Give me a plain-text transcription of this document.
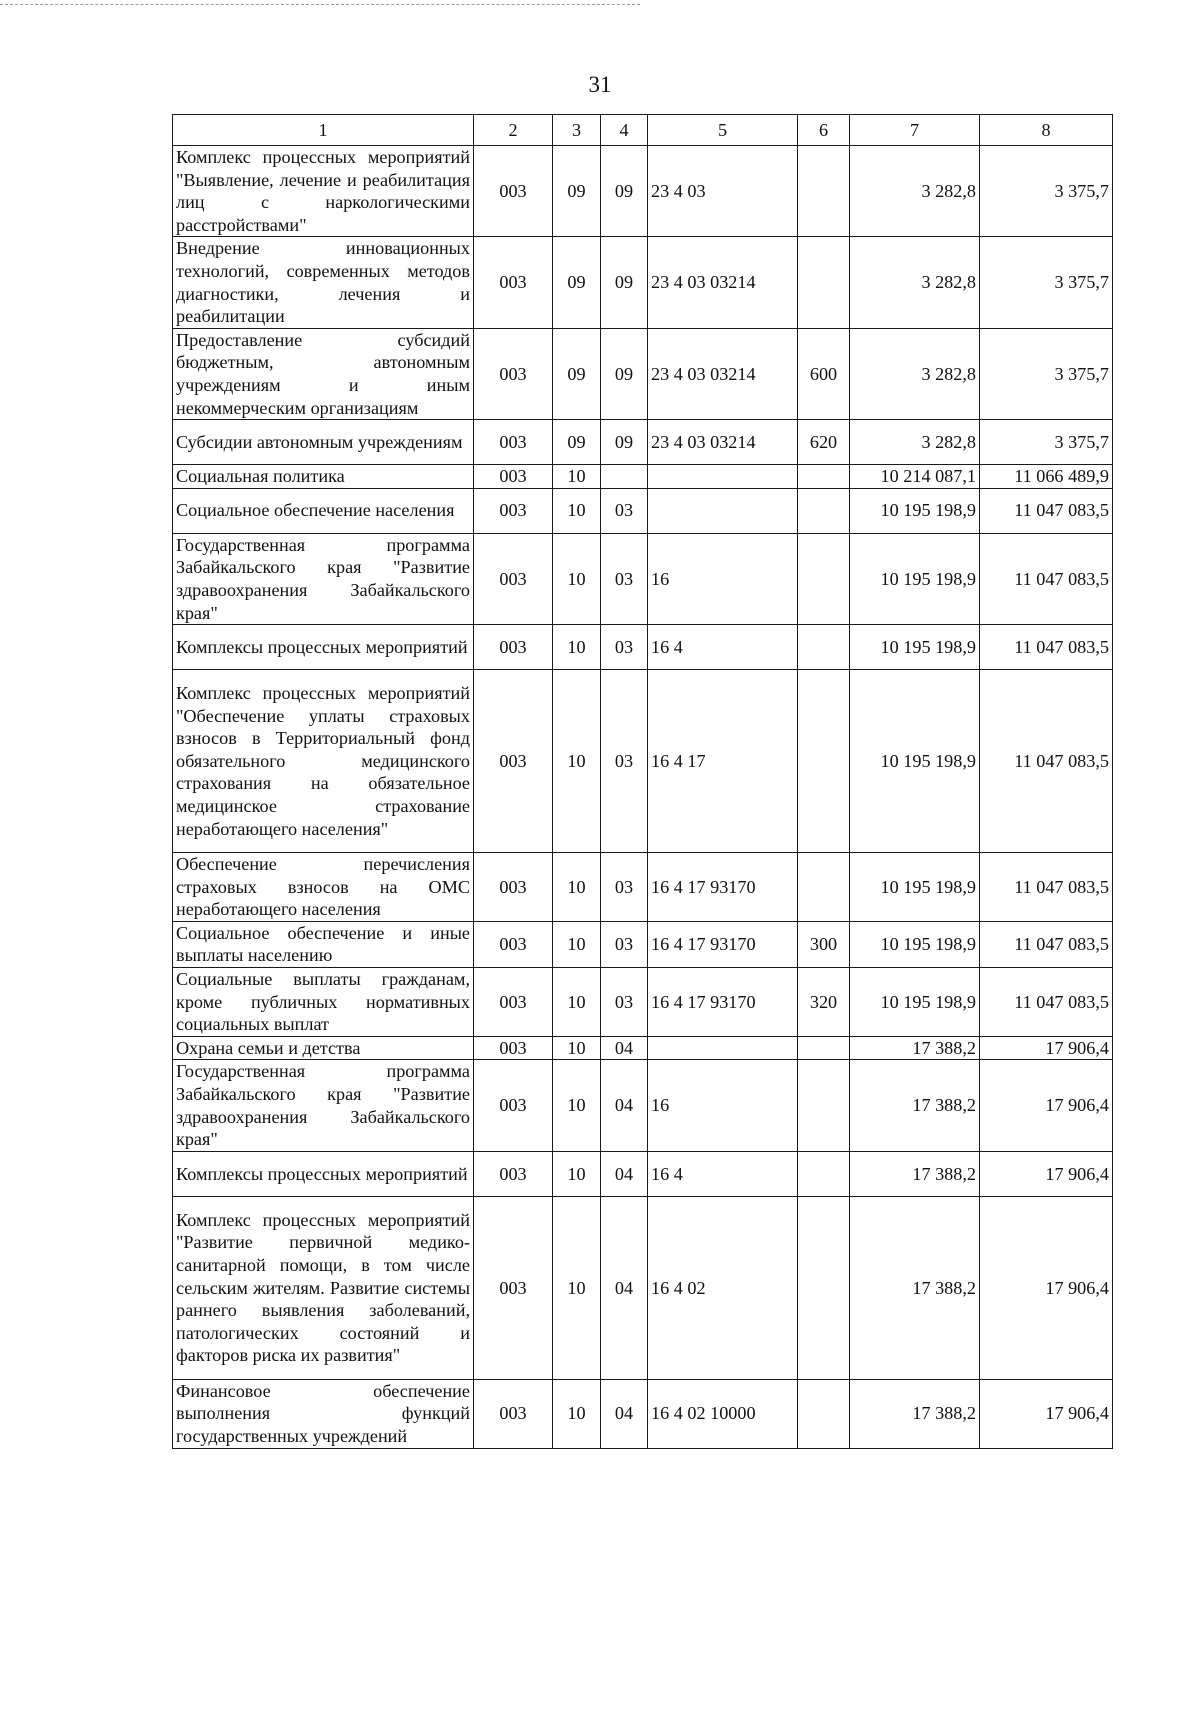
31
1	2	3	4	5	6	7	8
Комплекс процессных мероприятий "Выявление, лечение и реабилитация лиц с наркологическими расстройствами"	003	09	09	23 4 03		3 282,8	3 375,7
Внедрение инновационных технологий, современных методов диагностики, лечения и реабилитации	003	09	09	23 4 03 03214		3 282,8	3 375,7
Предоставление субсидий бюджетным, автономным учреждениям и иным некоммерческим организациям	003	09	09	23 4 03 03214	600	3 282,8	3 375,7
Субсидии автономным учреждениям	003	09	09	23 4 03 03214	620	3 282,8	3 375,7
Социальная политика	003	10				10 214 087,1	11 066 489,9
Социальное обеспечение населения	003	10	03			10 195 198,9	11 047 083,5
Государственная программа Забайкальского края "Развитие здравоохранения Забайкальского края"	003	10	03	16		10 195 198,9	11 047 083,5
Комплексы процессных мероприятий	003	10	03	16 4		10 195 198,9	11 047 083,5
Комплекс процессных мероприятий "Обеспечение уплаты страховых взносов в Территориальный фонд обязательного медицинского страхования на обязательное медицинское страхование неработающего населения"	003	10	03	16 4 17		10 195 198,9	11 047 083,5
Обеспечение перечисления страховых взносов на ОМС неработающего населения	003	10	03	16 4 17 93170		10 195 198,9	11 047 083,5
Социальное обеспечение и иные выплаты населению	003	10	03	16 4 17 93170	300	10 195 198,9	11 047 083,5
Социальные выплаты гражданам, кроме публичных нормативных социальных выплат	003	10	03	16 4 17 93170	320	10 195 198,9	11 047 083,5
Охрана семьи и детства	003	10	04			17 388,2	17 906,4
Государственная программа Забайкальского края "Развитие здравоохранения Забайкальского края"	003	10	04	16		17 388,2	17 906,4
Комплексы процессных мероприятий	003	10	04	16 4		17 388,2	17 906,4
Комплекс процессных мероприятий "Развитие первичной медико-санитарной помощи, в том числе сельским жителям. Развитие системы раннего выявления заболеваний, патологических состояний и факторов риска их развития"	003	10	04	16 4 02		17 388,2	17 906,4
Финансовое обеспечение выполнения функций государственных учреждений	003	10	04	16 4 02 10000		17 388,2	17 906,4
